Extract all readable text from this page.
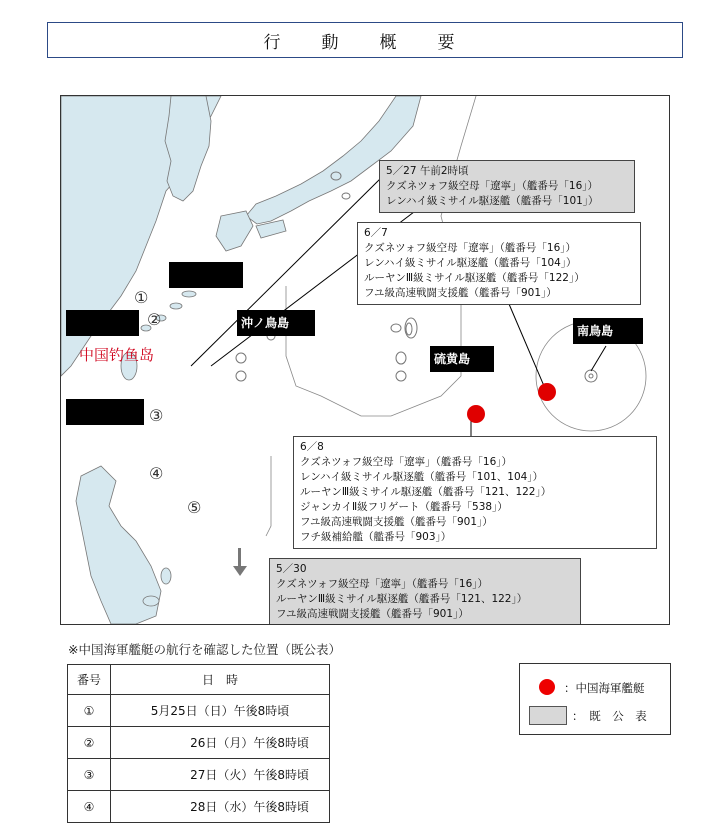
行　動　概　要
沖ノ鳥島
硫黄島
南鳥島
中国钓鱼岛
①
②
③
④
⑤
5／27 午前2時頃
クズネツォフ級空母「遼寧」（艦番号「16」）
レンハイ級ミサイル駆逐艦（艦番号「101」）
6／7
クズネツォフ級空母「遼寧」（艦番号「16」）
レンハイ級ミサイル駆逐艦（艦番号「104」）
ルーヤンⅢ級ミサイル駆逐艦（艦番号「122」）
フユ級高速戦闘支援艦（艦番号「901」）
6／8
クズネツォフ級空母「遼寧」（艦番号「16」）
レンハイ級ミサイル駆逐艦（艦番号「101、104」）
ルーヤンⅢ級ミサイル駆逐艦（艦番号「121、122」）
ジャンカイⅡ級フリゲート（艦番号「538」）
フユ級高速戦闘支援艦（艦番号「901」）
フチ級補給艦（艦番号「903」）
5／30
クズネツォフ級空母「遼寧」（艦番号「16」）
ルーヤンⅢ級ミサイル駆逐艦（艦番号「121、122」）
フユ級高速戦闘支援艦（艦番号「901」）
※中国海軍艦艇の航行を確認した位置（既公表）
番号	日　時
①	5月25日（日）午後8時頃
②	26日（月）午後8時頃
③	27日（火）午後8時頃
④	28日（水）午後8時頃
：中国海軍艦艇
：　既　公　表
